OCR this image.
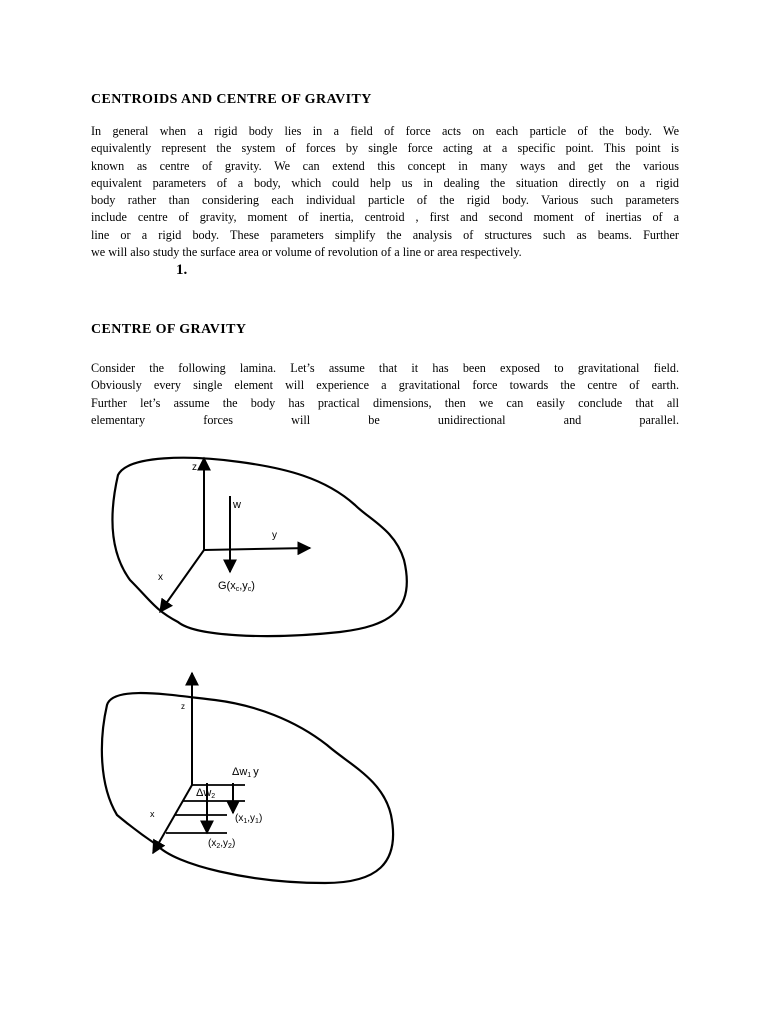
CENTROIDS AND CENTRE OF GRAVITY

In general when a rigid body lies in a field of force acts on each particle of the body. We
equivalently represent the system of forces by single force acting at a specific point. This point is
known as centre of gravity. We can extend this concept in many ways and get the various
equivalent parameters of a body, which could help us in dealing the situation directly on a rigid
body rather than considering each individual particle of the rigid body. Various such parameters
include centre of gravity, moment of inertia, centroid , first and second moment of inertias of a
line or a rigid body. These parameters simplify the analysis of structures such as beams. Further
we will also study the surface area or volume of revolution of a line or area respectively.

1.
CENTRE OF GRAVITY

Consider the following lamina. Let’s assume that it has been exposed to gravitational field.
Obviously every single element will experience a gravitational force towards the centre of earth.
Further let’s assume the body has practical dimensions, then we can easily conclude that all
elementary forces will be unidirectional and parallel.

z
y
x
w
G(xc,yc)
z
x
Δw1 y
Δw2
$(x_1,y_1)$
$(x_2,y_2)$
